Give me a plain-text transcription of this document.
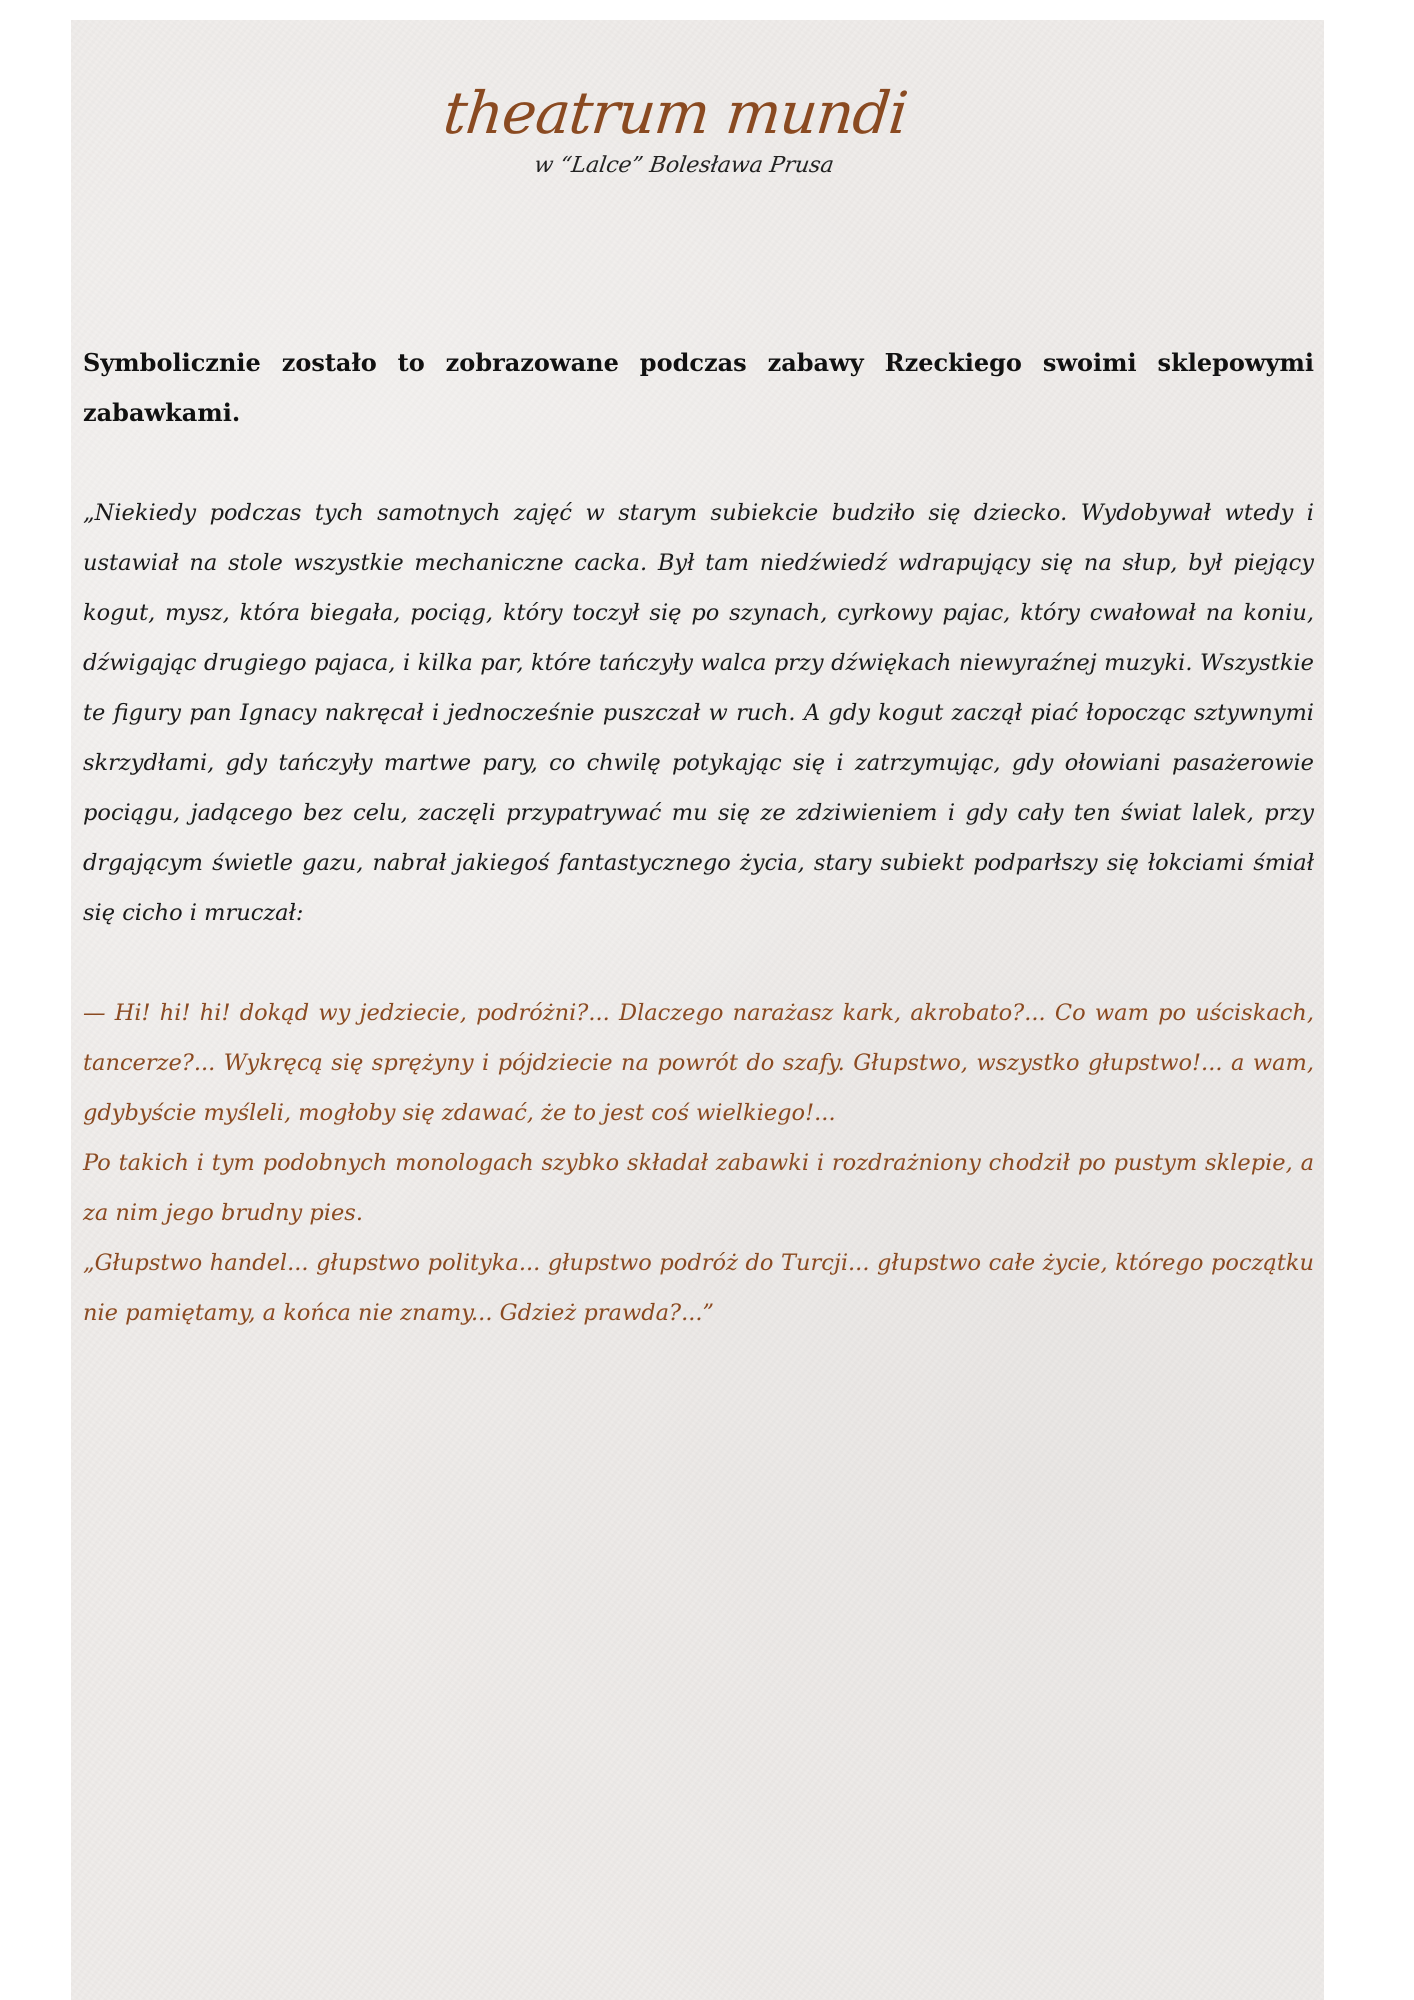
theatrum mundi
w “Lalce” Bolesława Prusa

Symbolicznie zostało to zobrazowane podczas zabawy Rzeckiego swoimi sklepowymi zabawkami.

„Niekiedy podczas tych samotnych zajęć w starym subiekcie budziło się dziecko. Wydobywał wtedy i ustawiał na stole wszystkie mechaniczne cacka. Był tam niedźwiedź wdrapujący się na słup, był piejący kogut, mysz, która biegała, pociąg, który toczył się po szynach, cyrkowy pajac, który cwałował na koniu, dźwigając drugiego pajaca, i kilka par, które tańczyły walca przy dźwiękach niewyraźnej muzyki. Wszystkie te figury pan Ignacy nakręcał i jednocześnie puszczał w ruch. A gdy kogut zaczął piać łopocząc sztywnymi skrzydłami, gdy tańczyły martwe pary, co chwilę potykając się i zatrzymując, gdy ołowiani pasażerowie pociągu, jadącego bez celu, zaczęli przypatrywać mu się ze zdziwieniem i gdy cały ten świat lalek, przy drgającym świetle gazu, nabrał jakiegoś fantastycznego życia, stary subiekt podparłszy się łokciami śmiał się cicho i mruczał:

— Hi! hi! hi! dokąd wy jedziecie, podróżni?... Dlaczego narażasz kark, akrobato?... Co wam po uściskach, tancerze?... Wykręcą się sprężyny i pójdziecie na powrót do szafy. Głupstwo, wszystko głupstwo!... a wam, gdybyście myśleli, mogłoby się zdawać, że to jest coś wielkiego!...

Po takich i tym podobnych monologach szybko składał zabawki i rozdrażniony chodził po pustym sklepie, a za nim jego brudny pies.

„Głupstwo handel... głupstwo polityka... głupstwo podróż do Turcji... głupstwo całe życie, którego początku nie pamiętamy, a końca nie znamy... Gdzież prawda?...”
